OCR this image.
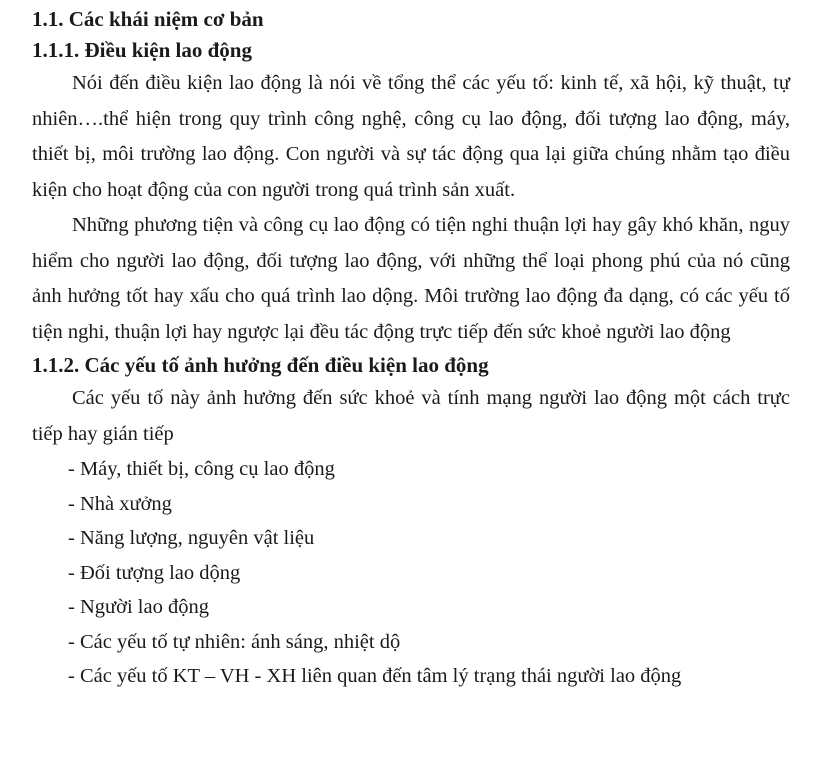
1.1. Các khái niệm cơ bản
1.1.1. Điều kiện lao động

Nói đến điều kiện lao động là nói về tổng thể các yếu tố: kinh tế, xã hội, kỹ thuật, tự nhiên….thể hiện trong quy trình công nghệ, công cụ lao động, đối tượng lao động, máy, thiết bị, môi trường lao động. Con người và sự tác động qua lại giữa chúng nhằm tạo điều kiện cho hoạt động của con người trong quá trình sản xuất.

Những phương tiện và công cụ lao động có tiện nghi thuận lợi hay gây khó khăn, nguy hiểm cho người lao động, đối tượng lao động, với những thể loại phong phú của nó cũng ảnh hưởng tốt hay xấu cho quá trình lao dộng. Môi trường lao động đa dạng, có các yếu tố tiện nghi, thuận lợi hay ngược lại đều tác động trực tiếp đến sức khoẻ người lao động

1.1.2. Các yếu tố ảnh hưởng đến điều kiện lao động

Các yếu tố này ảnh hưởng đến sức khoẻ và tính mạng người lao động một cách trực tiếp hay gián tiếp

- Máy, thiết bị, công cụ lao động
- Nhà xưởng
- Năng lượng, nguyên vật liệu
- Đối tượng lao dộng
- Người lao động
- Các yếu tố tự nhiên: ánh sáng, nhiệt dộ
- Các yếu tố KT – VH - XH liên quan đến tâm lý trạng thái người lao động
